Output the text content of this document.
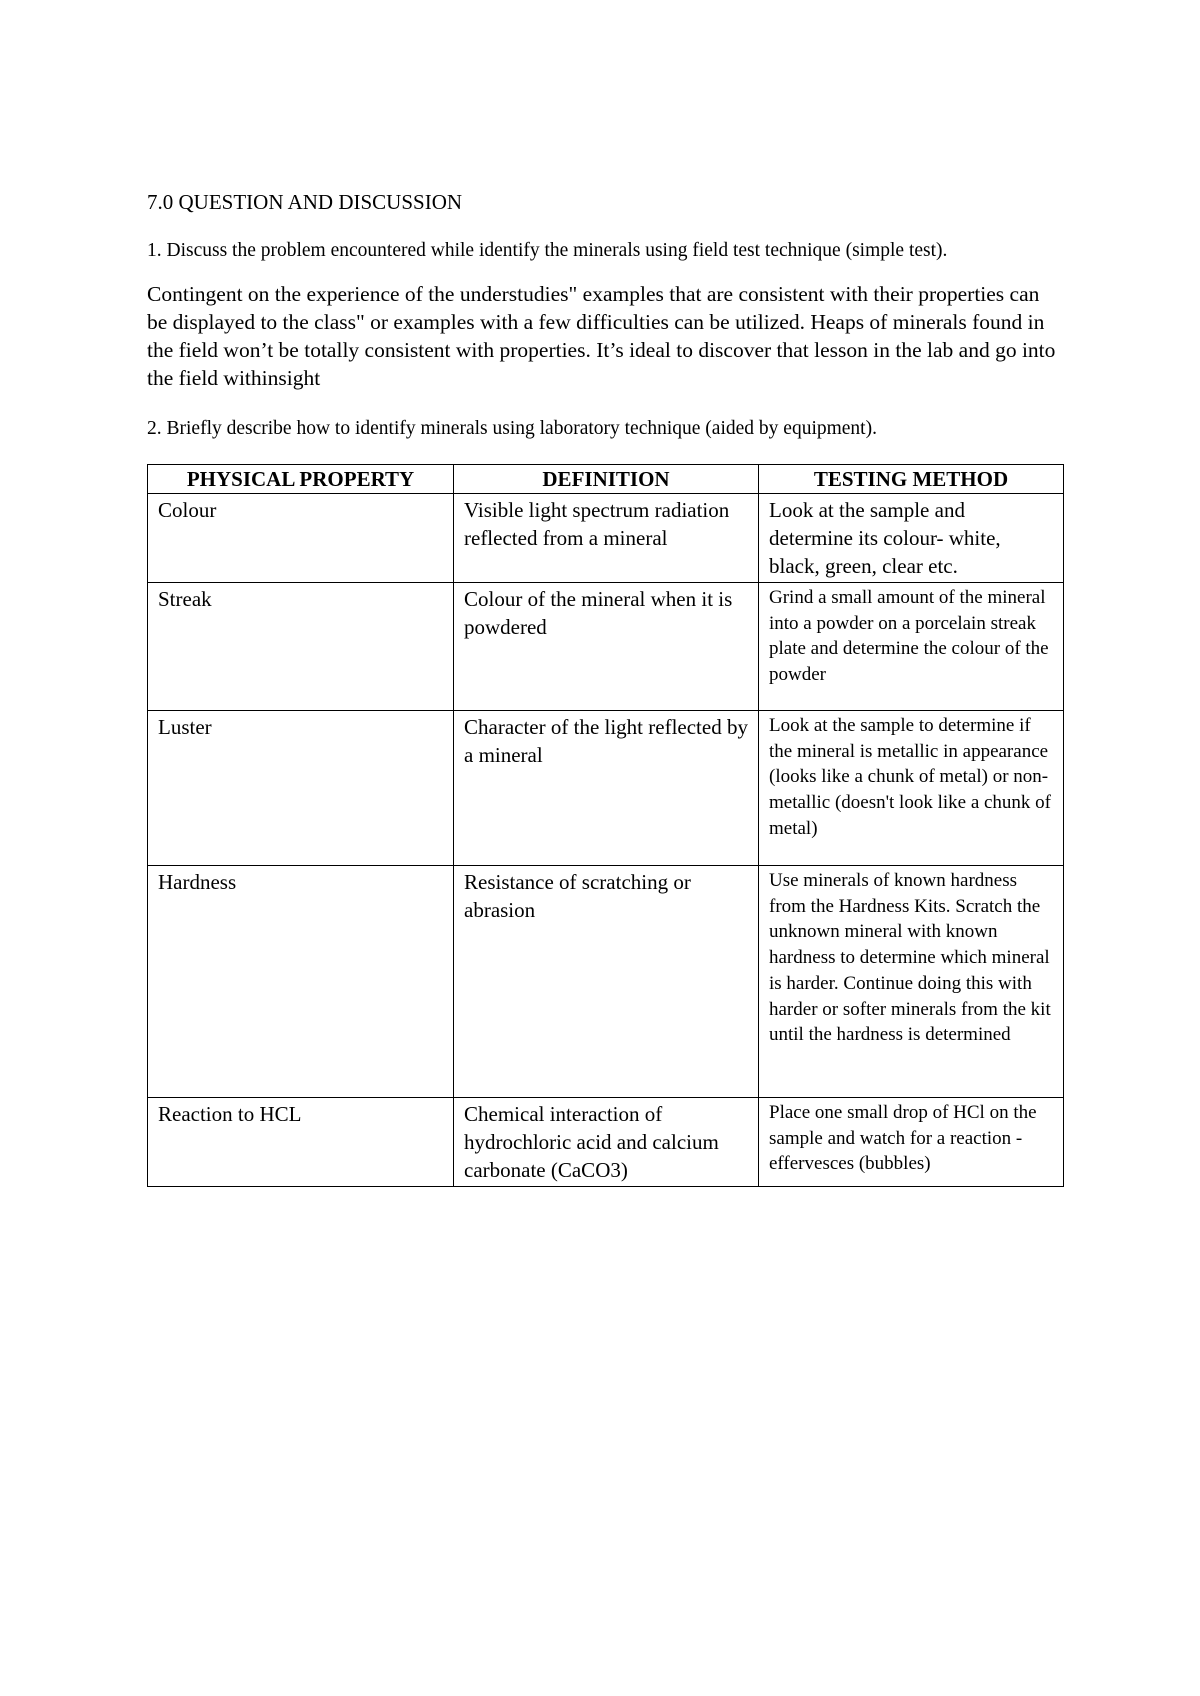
7.0 QUESTION AND DISCUSSION

1. Discuss the problem encountered while identify the minerals using field test technique (simple test).

Contingent on the experience of the understudies" examples that are consistent with their properties can be displayed to the class" or examples with a few difficulties can be utilized. Heaps of minerals found in the field won’t be totally consistent with properties. It’s ideal to discover that lesson in the lab and go into the field withinsight

2. Briefly describe how to identify minerals using laboratory technique (aided by equipment).

PHYSICAL PROPERTY	DEFINITION	TESTING METHOD
Colour	Visible light spectrum radiation reflected from a mineral	Look at the sample and determine its colour- white, black, green, clear etc.
Streak	Colour of the mineral when it is powdered	Grind a small amount of the mineral into a powder on a porcelain streak plate and determine the colour of the powder
Luster	Character of the light reflected by a mineral	Look at the sample to determine if the mineral is metallic in appearance (looks like a chunk of metal) or non-metallic (doesn't look like a chunk of metal)
Hardness	Resistance of scratching or abrasion	Use minerals of known hardness from the Hardness Kits. Scratch the unknown mineral with known hardness to determine which mineral is harder. Continue doing this with harder or softer minerals from the kit until the hardness is determined
Reaction to HCL	Chemical interaction of hydrochloric acid and calcium carbonate (CaCO3)	Place one small drop of HCl on the sample and watch for a reaction - effervesces (bubbles)
